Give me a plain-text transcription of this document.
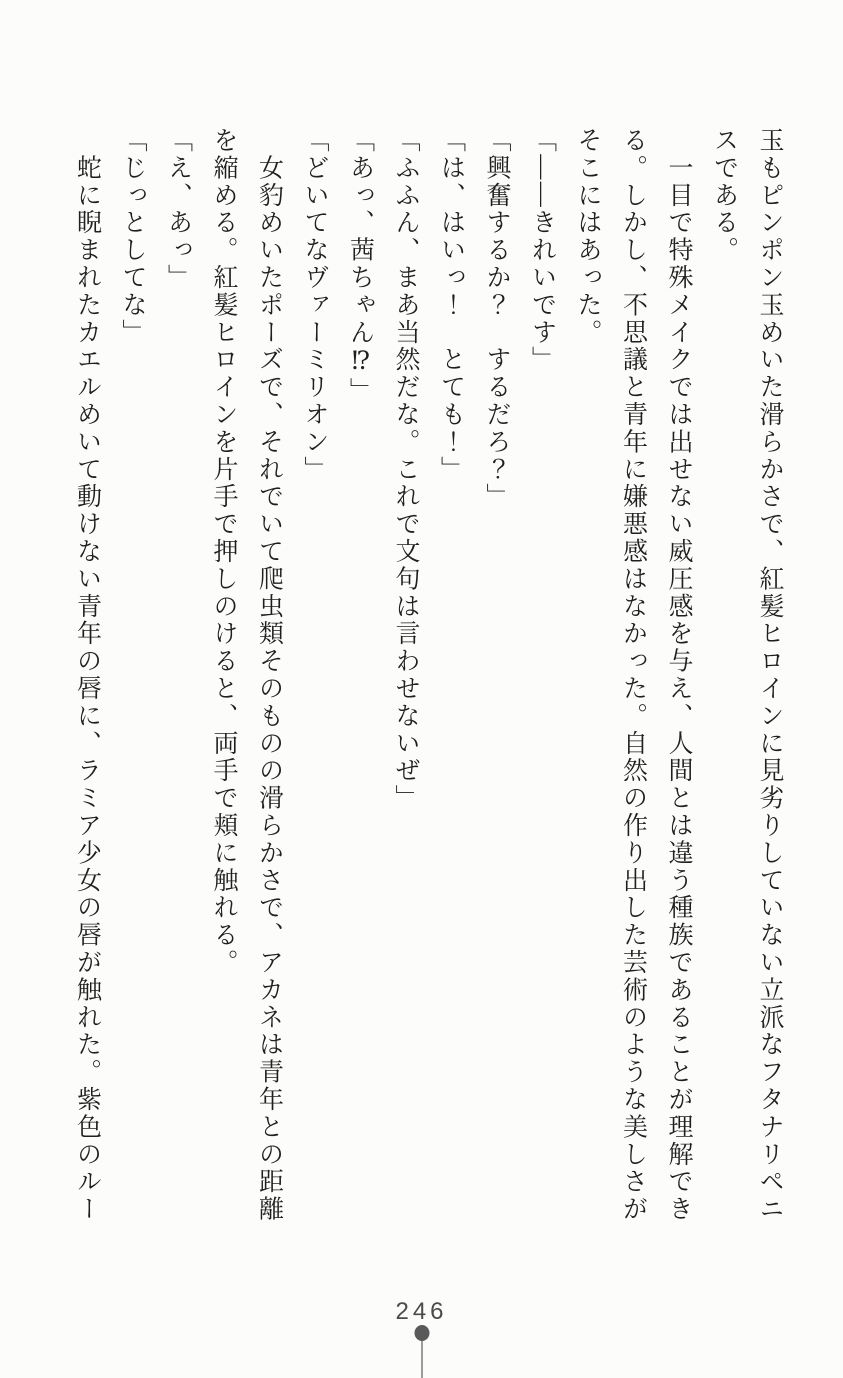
玉もピンポン玉めいた滑らかさで、紅髪ヒロインに見劣りしていない立派なフタナリペニ

スである。

　一目で特殊メイクでは出せない威圧感を与え、人間とは違う種族であることが理解でき

る。しかし、不思議と青年に嫌悪感はなかった。自然の作り出した芸術のような美しさが

そこにはあった。

「——きれいです」

「興奮するか？　するだろ？」

「は、はいっ！　とても！」

「ふふん、まあ当然だな。これで文句は言わせないぜ」

「あっ、茜ちゃん⁉」

「どいてなヴァーミリオン」

　女豹めいたポーズで、それでいて爬虫類そのものの滑らかさで、アカネは青年との距離

を縮める。紅髪ヒロインを片手で押しのけると、両手で頬に触れる。

「え、あっ」

「じっとしてな」

　蛇に睨まれたカエルめいて動けない青年の唇に、ラミア少女の唇が触れた。紫色のルー

246
